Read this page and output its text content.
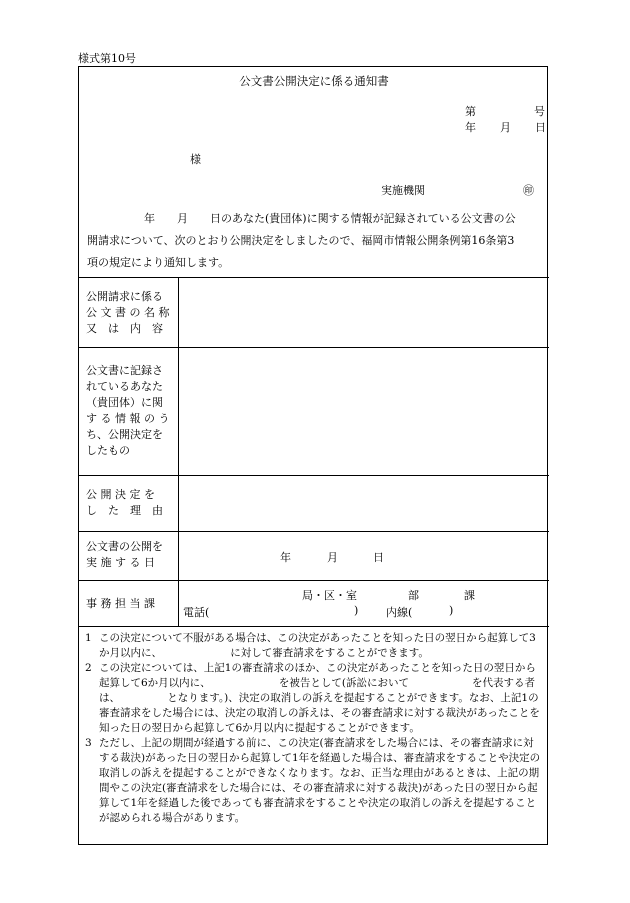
様式第10号
公文書公開決定に係る通知書
第	号
年 月 日
様
実施機関	㊞
年　　月　　日のあなた(貴団体)に関する情報が記録されている公文書の公
開請求について、次のとおり公開決定をしましたので、福岡市情報公開条例第16条第3
項の規定により通知します。
公開請求に係る
公 文 書 の 名 称
又　は　内　容
公文書に記録さ
れているあなた
（貴団体）に関
す る 情 報 の う
ち、公開決定を
したもの
公 開 決 定 を
し　た　理　由
公文書の公開を
実 施 す る 日	年	月	日
事 務 担 当 課
局・区・室	部	課
電話(	)	内線(	)
1 この決定について不服がある場合は、この決定があったことを知った日の翌日から起算して3か月以内に、　　　　　　　に対して審査請求をすることができます。
2 この決定については、上記1の審査請求のほか、この決定があったことを知った日の翌日から起算して6か月以内に、　　　　　　　を被告として(訴訟において　　　　　　を代表する者は、　　　　　となります。)、決定の取消しの訴えを提起することができます。なお、上記1の審査請求をした場合には、決定の取消しの訴えは、その審査請求に対する裁決があったことを知った日の翌日から起算して6か月以内に提起することができます。
3 ただし、上記の期間が経過する前に、この決定(審査請求をした場合には、その審査請求に対する裁決)があった日の翌日から起算して1年を経過した場合は、審査請求をすることや決定の取消しの訴えを提起することができなくなります。なお、正当な理由があるときは、上記の期間やこの決定(審査請求をした場合には、その審査請求に対する裁決)があった日の翌日から起算して1年を経過した後であっても審査請求をすることや決定の取消しの訴えを提起することが認められる場合があります。
